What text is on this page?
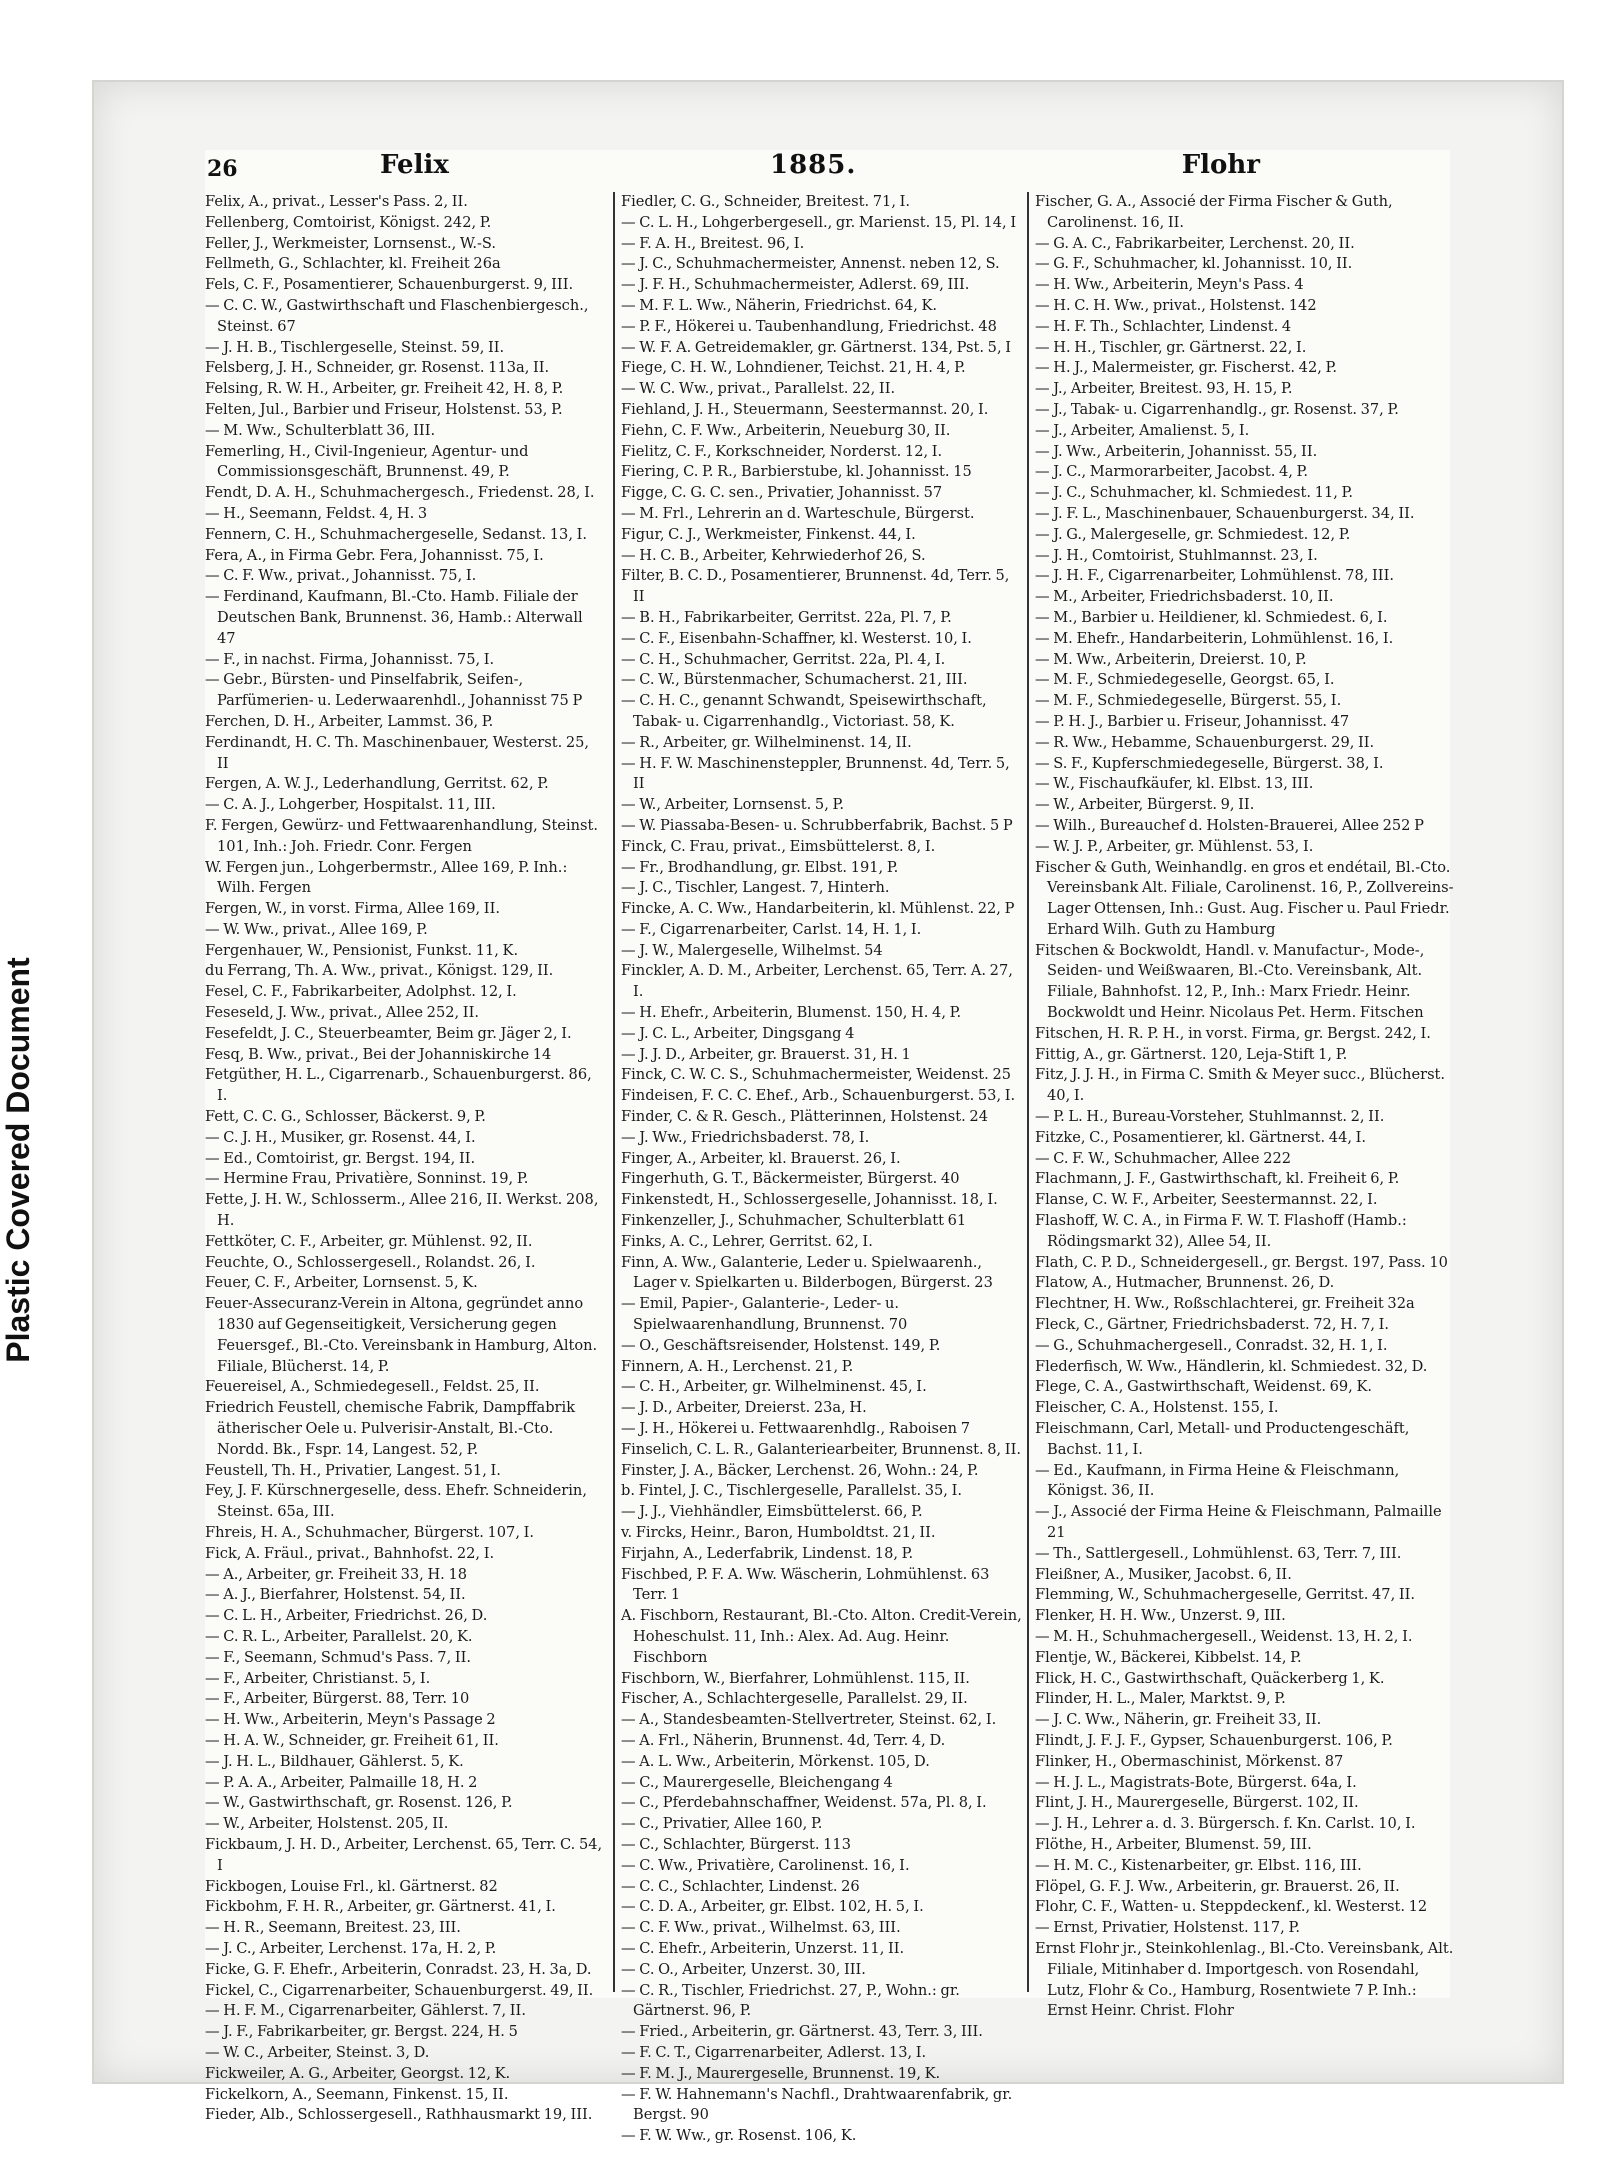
Plastic Covered Document
26	Felix	1885.	Flohr

Felix, A., privat., Lesser's Pass. 2, II.

Fellenberg, Comtoirist, Königst. 242, P.

Feller, J., Werkmeister, Lornsenst., W.-S.

Fellmeth, G., Schlachter, kl. Freiheit 26a

Fels, C. F., Posamentierer, Schauenburgerst. 9, III.

— C. C. W., Gastwirthschaft und Flaschenbiergesch., Steinst. 67

— J. H. B., Tischlergeselle, Steinst. 59, II.

Felsberg, J. H., Schneider, gr. Rosenst. 113a, II.

Felsing, R. W. H., Arbeiter, gr. Freiheit 42, H. 8, P.

Felten, Jul., Barbier und Friseur, Holstenst. 53, P.

— M. Ww., Schulterblatt 36, III.

Femerling, H., Civil-Ingenieur, Agentur- und Commissionsgeschäft, Brunnenst. 49, P.

Fendt, D. A. H., Schuhmachergesch., Friedenst. 28, I.

— H., Seemann, Feldst. 4, H. 3

Fennern, C. H., Schuhmachergeselle, Sedanst. 13, I.

Fera, A., in Firma Gebr. Fera, Johannisst. 75, I.

— C. F. Ww., privat., Johannisst. 75, I.

— Ferdinand, Kaufmann, Bl.-Cto. Hamb. Filiale der Deutschen Bank, Brunnenst. 36, Hamb.: Alterwall 47

— F., in nachst. Firma, Johannisst. 75, I.

— Gebr., Bürsten- und Pinselfabrik, Seifen-, Parfümerien- u. Lederwaarenhdl., Johannisst 75 P

Ferchen, D. H., Arbeiter, Lammst. 36, P.

Ferdinandt, H. C. Th. Maschinenbauer, Westerst. 25, II

Fergen, A. W. J., Lederhandlung, Gerritst. 62, P.

— C. A. J., Lohgerber, Hospitalst. 11, III.

F. Fergen, Gewürz- und Fettwaarenhandlung, Steinst. 101, Inh.: Joh. Friedr. Conr. Fergen

W. Fergen jun., Lohgerbermstr., Allee 169, P. Inh.: Wilh. Fergen

Fergen, W., in vorst. Firma, Allee 169, II.

— W. Ww., privat., Allee 169, P.

Fergenhauer, W., Pensionist, Funkst. 11, K.

du Ferrang, Th. A. Ww., privat., Königst. 129, II.

Fesel, C. F., Fabrikarbeiter, Adolphst. 12, I.

Feseseld, J. Ww., privat., Allee 252, II.

Fesefeldt, J. C., Steuerbeamter, Beim gr. Jäger 2, I.

Fesq, B. Ww., privat., Bei der Johanniskirche 14

Fetgüther, H. L., Cigarrenarb., Schauenburgerst. 86, I.

Fett, C. C. G., Schlosser, Bäckerst. 9, P.

— C. J. H., Musiker, gr. Rosenst. 44, I.

— Ed., Comtoirist, gr. Bergst. 194, II.

— Hermine Frau, Privatière, Sonninst. 19, P.

Fette, J. H. W., Schlosserm., Allee 216, II. Werkst. 208, H.

Fettköter, C. F., Arbeiter, gr. Mühlenst. 92, II.

Feuchte, O., Schlossergesell., Rolandst. 26, I.

Feuer, C. F., Arbeiter, Lornsenst. 5, K.

Feuer-Assecuranz-Verein in Altona, gegründet anno 1830 auf Gegenseitigkeit, Versicherung gegen Feuersgef., Bl.-Cto. Vereinsbank in Hamburg, Alton. Filiale, Blücherst. 14, P.

Feuereisel, A., Schmiedegesell., Feldst. 25, II.

Friedrich Feustell, chemische Fabrik, Dampffabrik ätherischer Oele u. Pulverisir-Anstalt, Bl.-Cto. Nordd. Bk., Fspr. 14, Langest. 52, P.

Feustell, Th. H., Privatier, Langest. 51, I.

Fey, J. F. Kürschnergeselle, dess. Ehefr. Schneiderin, Steinst. 65a, III.

Fhreis, H. A., Schuhmacher, Bürgerst. 107, I.

Fick, A. Fräul., privat., Bahnhofst. 22, I.

— A., Arbeiter, gr. Freiheit 33, H. 18

— A. J., Bierfahrer, Holstenst. 54, II.

— C. L. H., Arbeiter, Friedrichst. 26, D.

— C. R. L., Arbeiter, Parallelst. 20, K.

— F., Seemann, Schmud's Pass. 7, II.

— F., Arbeiter, Christianst. 5, I.

— F., Arbeiter, Bürgerst. 88, Terr. 10

— H. Ww., Arbeiterin, Meyn's Passage 2

— H. A. W., Schneider, gr. Freiheit 61, II.

— J. H. L., Bildhauer, Gählerst. 5, K.

— P. A. A., Arbeiter, Palmaille 18, H. 2

— W., Gastwirthschaft, gr. Rosenst. 126, P.

— W., Arbeiter, Holstenst. 205, II.

Fickbaum, J. H. D., Arbeiter, Lerchenst. 65, Terr. C. 54, I

Fickbogen, Louise Frl., kl. Gärtnerst. 82

Fickbohm, F. H. R., Arbeiter, gr. Gärtnerst. 41, I.

— H. R., Seemann, Breitest. 23, III.

— J. C., Arbeiter, Lerchenst. 17a, H. 2, P.

Ficke, G. F. Ehefr., Arbeiterin, Conradst. 23, H. 3a, D.

Fickel, C., Cigarrenarbeiter, Schauenburgerst. 49, II.

— H. F. M., Cigarrenarbeiter, Gählerst. 7, II.

— J. F., Fabrikarbeiter, gr. Bergst. 224, H. 5

— W. C., Arbeiter, Steinst. 3, D.

Fickweiler, A. G., Arbeiter, Georgst. 12, K.

Fickelkorn, A., Seemann, Finkenst. 15, II.

Fieder, Alb., Schlossergesell., Rathhausmarkt 19, III.

Fiedler, C. G., Schneider, Breitest. 71, I.

— C. L. H., Lohgerbergesell., gr. Marienst. 15, Pl. 14, I

— F. A. H., Breitest. 96, I.

— J. C., Schuhmachermeister, Annenst. neben 12, S.

— J. F. H., Schuhmachermeister, Adlerst. 69, III.

— M. F. L. Ww., Näherin, Friedrichst. 64, K.

— P. F., Hökerei u. Taubenhandlung, Friedrichst. 48

— W. F. A. Getreidemakler, gr. Gärtnerst. 134, Pst. 5, I

Fiege, C. H. W., Lohndiener, Teichst. 21, H. 4, P.

— W. C. Ww., privat., Parallelst. 22, II.

Fiehland, J. H., Steuermann, Seestermannst. 20, I.

Fiehn, C. F. Ww., Arbeiterin, Neueburg 30, II.

Fielitz, C. F., Korkschneider, Norderst. 12, I.

Fiering, C. P. R., Barbierstube, kl. Johannisst. 15

Figge, C. G. C. sen., Privatier, Johannisst. 57

— M. Frl., Lehrerin an d. Warteschule, Bürgerst.

Figur, C. J., Werkmeister, Finkenst. 44, I.

— H. C. B., Arbeiter, Kehrwiederhof 26, S.

Filter, B. C. D., Posamentierer, Brunnenst. 4d, Terr. 5, II

— B. H., Fabrikarbeiter, Gerritst. 22a, Pl. 7, P.

— C. F., Eisenbahn-Schaffner, kl. Westerst. 10, I.

— C. H., Schuhmacher, Gerritst. 22a, Pl. 4, I.

— C. W., Bürstenmacher, Schumacherst. 21, III.

— C. H. C., genannt Schwandt, Speisewirthschaft, Tabak- u. Cigarrenhandlg., Victoriast. 58, K.

— R., Arbeiter, gr. Wilhelminenst. 14, II.

— H. F. W. Maschinensteppler, Brunnenst. 4d, Terr. 5, II

— W., Arbeiter, Lornsenst. 5, P.

— W. Piassaba-Besen- u. Schrubberfabrik, Bachst. 5 P

Finck, C. Frau, privat., Eimsbüttelerst. 8, I.

— Fr., Brodhandlung, gr. Elbst. 191, P.

— J. C., Tischler, Langest. 7, Hinterh.

Fincke, A. C. Ww., Handarbeiterin, kl. Mühlenst. 22, P

— F., Cigarrenarbeiter, Carlst. 14, H. 1, I.

— J. W., Malergeselle, Wilhelmst. 54

Finckler, A. D. M., Arbeiter, Lerchenst. 65, Terr. A. 27, I.

— H. Ehefr., Arbeiterin, Blumenst. 150, H. 4, P.

— J. C. L., Arbeiter, Dingsgang 4

— J. J. D., Arbeiter, gr. Brauerst. 31, H. 1

Finck, C. W. C. S., Schuhmachermeister, Weidenst. 25

Findeisen, F. C. C. Ehef., Arb., Schauenburgerst. 53, I.

Finder, C. & R. Gesch., Plätterinnen, Holstenst. 24

— J. Ww., Friedrichsbaderst. 78, I.

Finger, A., Arbeiter, kl. Brauerst. 26, I.

Fingerhuth, G. T., Bäckermeister, Bürgerst. 40

Finkenstedt, H., Schlossergeselle, Johannisst. 18, I.

Finkenzeller, J., Schuhmacher, Schulterblatt 61

Finks, A. C., Lehrer, Gerritst. 62, I.

Finn, A. Ww., Galanterie, Leder u. Spielwaarenh., Lager v. Spielkarten u. Bilderbogen, Bürgerst. 23

— Emil, Papier-, Galanterie-, Leder- u. Spielwaarenhandlung, Brunnenst. 70

— O., Geschäftsreisender, Holstenst. 149, P.

Finnern, A. H., Lerchenst. 21, P.

— C. H., Arbeiter, gr. Wilhelminenst. 45, I.

— J. D., Arbeiter, Dreierst. 23a, H.

— J. H., Hökerei u. Fettwaarenhdlg., Raboisen 7

Finselich, C. L. R., Galanteriearbeiter, Brunnenst. 8, II.

Finster, J. A., Bäcker, Lerchenst. 26, Wohn.: 24, P.

b. Fintel, J. C., Tischlergeselle, Parallelst. 35, I.

— J. J., Viehhändler, Eimsbüttelerst. 66, P.

v. Fircks, Heinr., Baron, Humboldtst. 21, II.

Firjahn, A., Lederfabrik, Lindenst. 18, P.

Fischbed, P. F. A. Ww. Wäscherin, Lohmühlenst. 63 Terr. 1

A. Fischborn, Restaurant, Bl.-Cto. Alton. Credit-Verein, Hoheschulst. 11, Inh.: Alex. Ad. Aug. Heinr. Fischborn

Fischborn, W., Bierfahrer, Lohmühlenst. 115, II.

Fischer, A., Schlachtergeselle, Parallelst. 29, II.

— A., Standesbeamten-Stellvertreter, Steinst. 62, I.

— A. Frl., Näherin, Brunnenst. 4d, Terr. 4, D.

— A. L. Ww., Arbeiterin, Mörkenst. 105, D.

— C., Maurergeselle, Bleichengang 4

— C., Pferdebahnschaffner, Weidenst. 57a, Pl. 8, I.

— C., Privatier, Allee 160, P.

— C., Schlachter, Bürgerst. 113

— C. Ww., Privatière, Carolinenst. 16, I.

— C. C., Schlachter, Lindenst. 26

— C. D. A., Arbeiter, gr. Elbst. 102, H. 5, I.

— C. F. Ww., privat., Wilhelmst. 63, III.

— C. Ehefr., Arbeiterin, Unzerst. 11, II.

— C. O., Arbeiter, Unzerst. 30, III.

— C. R., Tischler, Friedrichst. 27, P., Wohn.: gr. Gärtnerst. 96, P.

— Fried., Arbeiterin, gr. Gärtnerst. 43, Terr. 3, III.

— F. C. T., Cigarrenarbeiter, Adlerst. 13, I.

— F. M. J., Maurergeselle, Brunnenst. 19, K.

— F. W. Hahnemann's Nachfl., Drahtwaarenfabrik, gr. Bergst. 90

— F. W. Ww., gr. Rosenst. 106, K.

Fischer, G. A., Associé der Firma Fischer & Guth, Carolinenst. 16, II.

— G. A. C., Fabrikarbeiter, Lerchenst. 20, II.

— G. F., Schuhmacher, kl. Johannisst. 10, II.

— H. Ww., Arbeiterin, Meyn's Pass. 4

— H. C. H. Ww., privat., Holstenst. 142

— H. F. Th., Schlachter, Lindenst. 4

— H. H., Tischler, gr. Gärtnerst. 22, I.

— H. J., Malermeister, gr. Fischerst. 42, P.

— J., Arbeiter, Breitest. 93, H. 15, P.

— J., Tabak- u. Cigarrenhandlg., gr. Rosenst. 37, P.

— J., Arbeiter, Amalienst. 5, I.

— J. Ww., Arbeiterin, Johannisst. 55, II.

— J. C., Marmorarbeiter, Jacobst. 4, P.

— J. C., Schuhmacher, kl. Schmiedest. 11, P.

— J. F. L., Maschinenbauer, Schauenburgerst. 34, II.

— J. G., Malergeselle, gr. Schmiedest. 12, P.

— J. H., Comtoirist, Stuhlmannst. 23, I.

— J. H. F., Cigarrenarbeiter, Lohmühlenst. 78, III.

— M., Arbeiter, Friedrichsbaderst. 10, II.

— M., Barbier u. Heildiener, kl. Schmiedest. 6, I.

— M. Ehefr., Handarbeiterin, Lohmühlenst. 16, I.

— M. Ww., Arbeiterin, Dreierst. 10, P.

— M. F., Schmiedegeselle, Georgst. 65, I.

— M. F., Schmiedegeselle, Bürgerst. 55, I.

— P. H. J., Barbier u. Friseur, Johannisst. 47

— R. Ww., Hebamme, Schauenburgerst. 29, II.

— S. F., Kupferschmiedegeselle, Bürgerst. 38, I.

— W., Fischaufkäufer, kl. Elbst. 13, III.

— W., Arbeiter, Bürgerst. 9, II.

— Wilh., Bureauchef d. Holsten-Brauerei, Allee 252 P

— W. J. P., Arbeiter, gr. Mühlenst. 53, I.

Fischer & Guth, Weinhandlg. en gros et endétail, Bl.-Cto. Vereinsbank Alt. Filiale, Carolinenst. 16, P., Zollvereins-Lager Ottensen, Inh.: Gust. Aug. Fischer u. Paul Friedr. Erhard Wilh. Guth zu Hamburg

Fitschen & Bockwoldt, Handl. v. Manufactur-, Mode-, Seiden- und Weißwaaren, Bl.-Cto. Vereinsbank, Alt. Filiale, Bahnhofst. 12, P., Inh.: Marx Friedr. Heinr. Bockwoldt und Heinr. Nicolaus Pet. Herm. Fitschen

Fitschen, H. R. P. H., in vorst. Firma, gr. Bergst. 242, I.

Fittig, A., gr. Gärtnerst. 120, Leja-Stift 1, P.

Fitz, J. J. H., in Firma C. Smith & Meyer succ., Blücherst. 40, I.

— P. L. H., Bureau-Vorsteher, Stuhlmannst. 2, II.

Fitzke, C., Posamentierer, kl. Gärtnerst. 44, I.

— C. F. W., Schuhmacher, Allee 222

Flachmann, J. F., Gastwirthschaft, kl. Freiheit 6, P.

Flanse, C. W. F., Arbeiter, Seestermannst. 22, I.

Flashoff, W. C. A., in Firma F. W. T. Flashoff (Hamb.: Rödingsmarkt 32), Allee 54, II.

Flath, C. P. D., Schneidergesell., gr. Bergst. 197, Pass. 10

Flatow, A., Hutmacher, Brunnenst. 26, D.

Flechtner, H. Ww., Roßschlachterei, gr. Freiheit 32a

Fleck, C., Gärtner, Friedrichsbaderst. 72, H. 7, I.

— G., Schuhmachergesell., Conradst. 32, H. 1, I.

Flederfisch, W. Ww., Händlerin, kl. Schmiedest. 32, D.

Flege, C. A., Gastwirthschaft, Weidenst. 69, K.

Fleischer, C. A., Holstenst. 155, I.

Fleischmann, Carl, Metall- und Productengeschäft, Bachst. 11, I.

— Ed., Kaufmann, in Firma Heine & Fleischmann, Königst. 36, II.

— J., Associé der Firma Heine & Fleischmann, Palmaille 21

— Th., Sattlergesell., Lohmühlenst. 63, Terr. 7, III.

Fleißner, A., Musiker, Jacobst. 6, II.

Flemming, W., Schuhmachergeselle, Gerritst. 47, II.

Flenker, H. H. Ww., Unzerst. 9, III.

— M. H., Schuhmachergesell., Weidenst. 13, H. 2, I.

Flentje, W., Bäckerei, Kibbelst. 14, P.

Flick, H. C., Gastwirthschaft, Quäckerberg 1, K.

Flinder, H. L., Maler, Marktst. 9, P.

— J. C. Ww., Näherin, gr. Freiheit 33, II.

Flindt, J. F. J. F., Gypser, Schauenburgerst. 106, P.

Flinker, H., Obermaschinist, Mörkenst. 87

— H. J. L., Magistrats-Bote, Bürgerst. 64a, I.

Flint, J. H., Maurergeselle, Bürgerst. 102, II.

— J. H., Lehrer a. d. 3. Bürgersch. f. Kn. Carlst. 10, I.

Flöthe, H., Arbeiter, Blumenst. 59, III.

— H. M. C., Kistenarbeiter, gr. Elbst. 116, III.

Flöpel, G. F. J. Ww., Arbeiterin, gr. Brauerst. 26, II.

Flohr, C. F., Watten- u. Steppdeckenf., kl. Westerst. 12

— Ernst, Privatier, Holstenst. 117, P.

Ernst Flohr jr., Steinkohlenlag., Bl.-Cto. Vereinsbank, Alt. Filiale, Mitinhaber d. Importgesch. von Rosendahl, Lutz, Flohr & Co., Hamburg, Rosentwiete 7 P. Inh.: Ernst Heinr. Christ. Flohr
